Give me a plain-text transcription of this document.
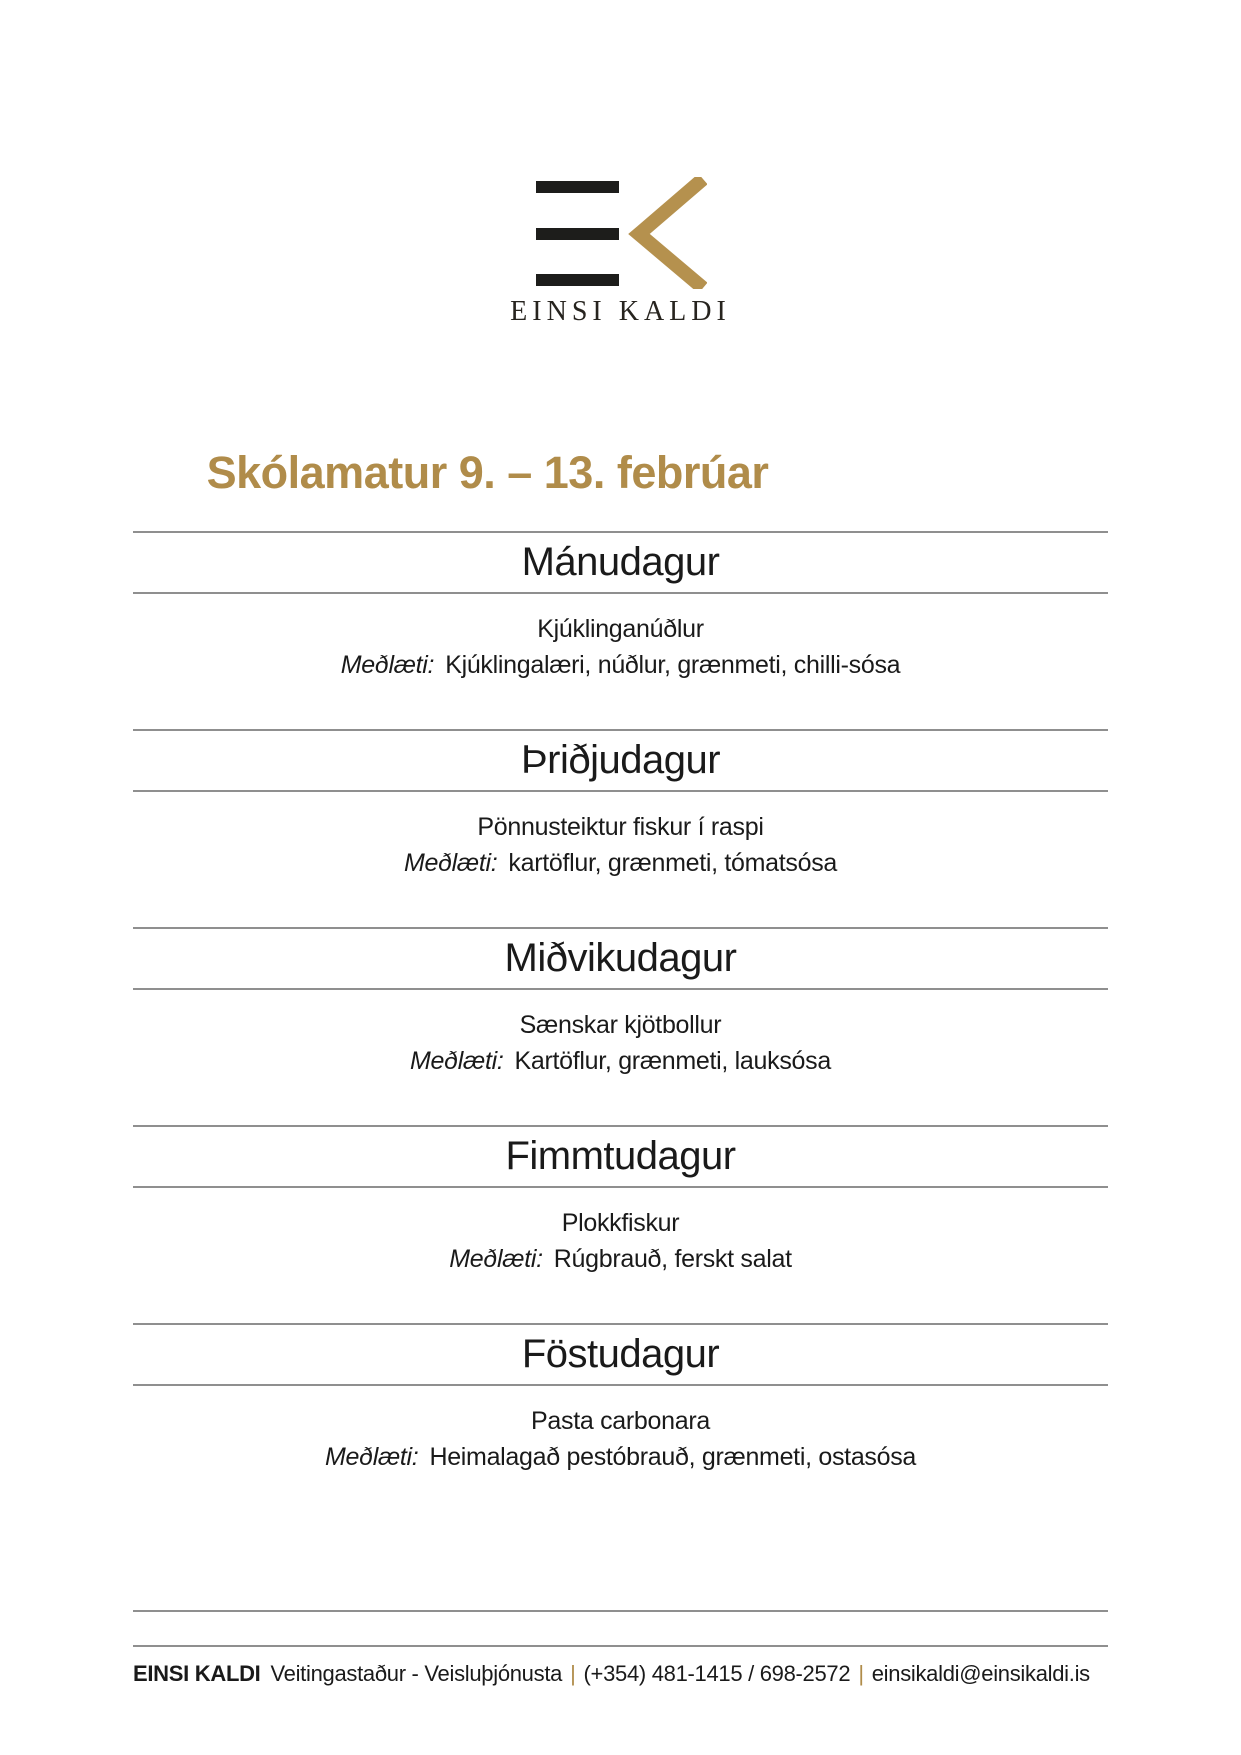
EINSI KALDI
Skólamatur 9. – 13. febrúar
Mánudagur

Kjúklinganúðlur

Meðlæti: Kjúklingalæri, núðlur, grænmeti, chilli-sósa

Þriðjudagur

Pönnusteiktur fiskur í raspi

Meðlæti: kartöflur, grænmeti, tómatsósa

Miðvikudagur

Sænskar kjötbollur

Meðlæti: Kartöflur, grænmeti, lauksósa

Fimmtudagur

Plokkfiskur

Meðlæti: Rúgbrauð, ferskt salat

Föstudagur

Pasta carbonara

Meðlæti: Heimalagað pestóbrauð, grænmeti, ostasósa

EINSI KALDI Veitingastaður - Veisluþjónusta | (+354) 481-1415 / 698-2572 | einsikaldi@einsikaldi.is
